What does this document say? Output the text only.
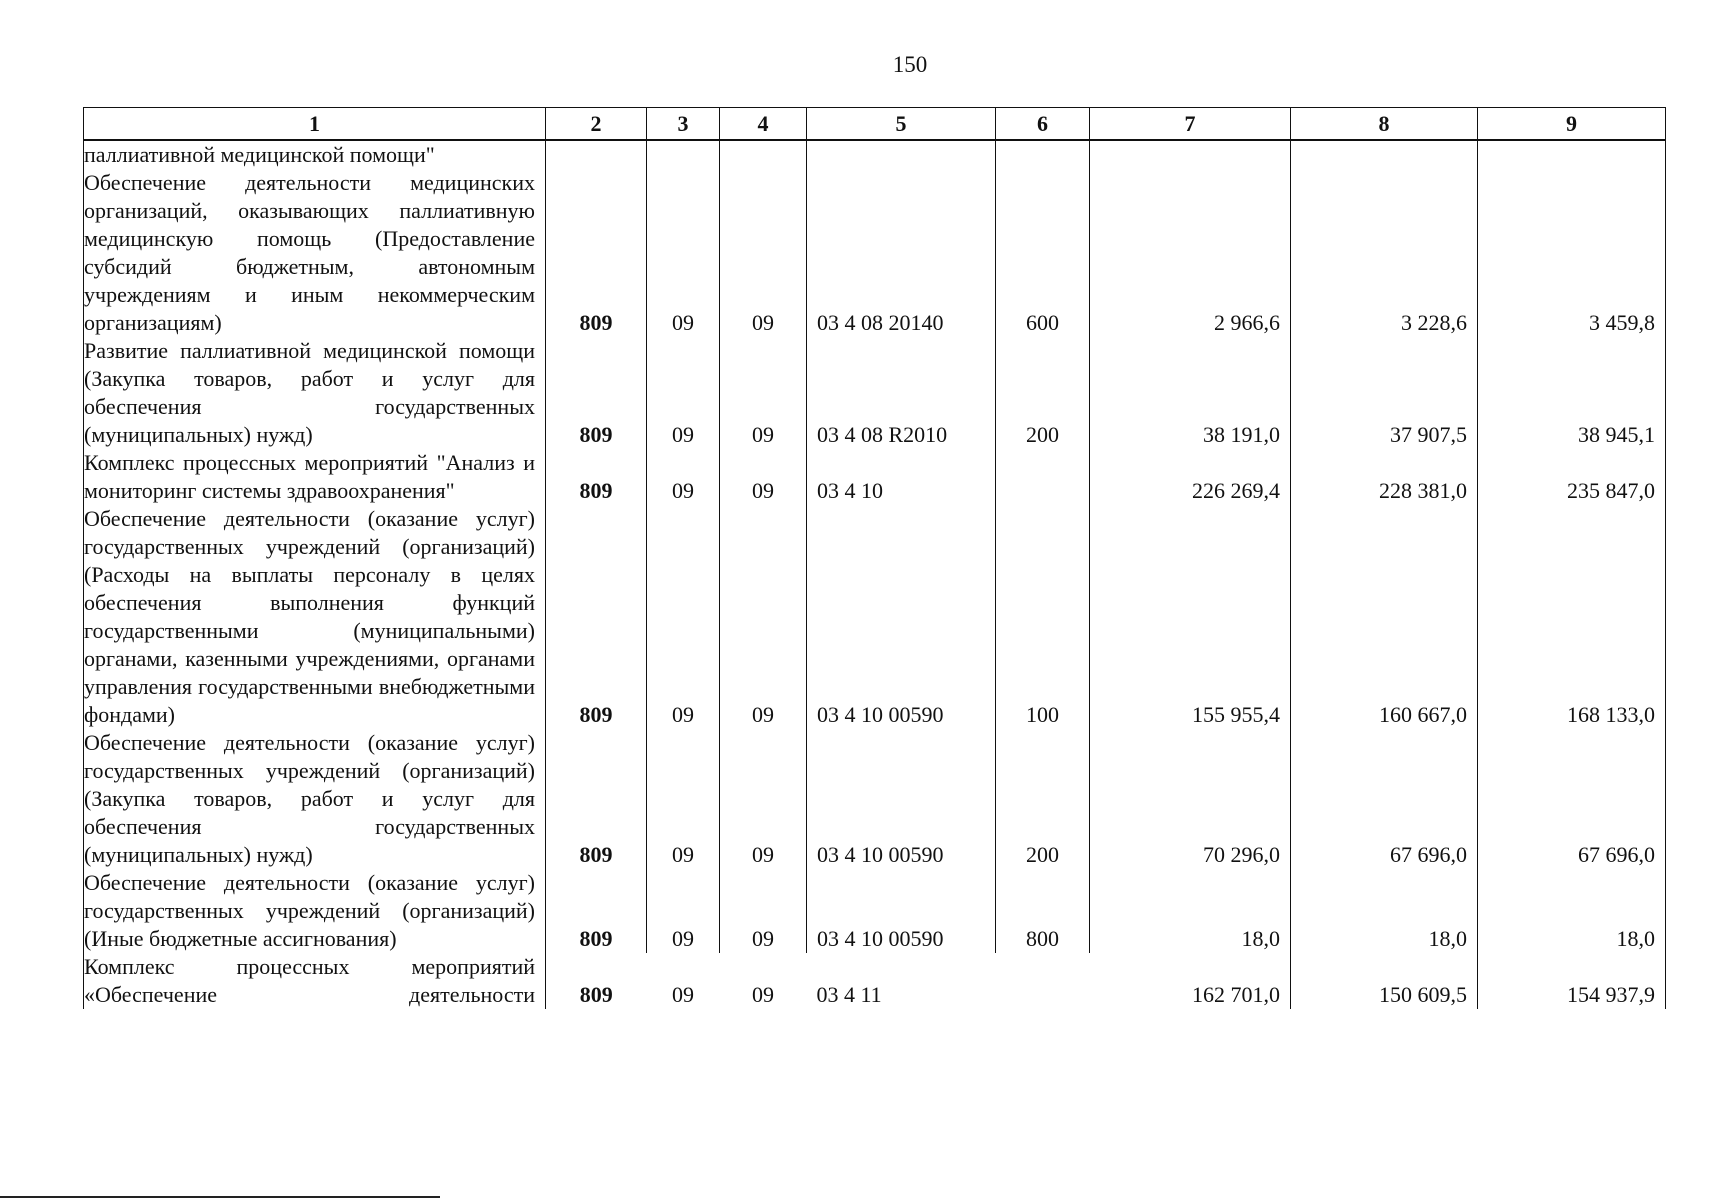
150
1	2	3	4	5	6	7	8	9
паллиативной медицинской помощи"								
Обеспечение деятельности медицинских организаций, оказывающих паллиативную медицинскую помощь (Предоставление субсидий бюджетным, автономным учреждениям и иным некоммерческим организациям)	809	09	09	03 4 08 20140	600	2 966,6	3 228,6	3 459,8
Развитие паллиативной медицинской помощи (Закупка товаров, работ и услуг для обеспечения государственных (муниципальных) нужд)	809	09	09	03 4 08 R2010	200	38 191,0	37 907,5	38 945,1
Комплекс процессных мероприятий "Анализ и мониторинг системы здравоохранения"	809	09	09	03 4 10		226 269,4	228 381,0	235 847,0
Обеспечение деятельности (оказание услуг) государственных учреждений (организаций) (Расходы на выплаты персоналу в целях обеспечения выполнения функций государственными (муниципальными) органами, казенными учреждениями, органами управления государственными внебюджетными фондами)	809	09	09	03 4 10 00590	100	155 955,4	160 667,0	168 133,0
Обеспечение деятельности (оказание услуг) государственных учреждений (организаций) (Закупка товаров, работ и услуг для обеспечения государственных (муниципальных) нужд)	809	09	09	03 4 10 00590	200	70 296,0	67 696,0	67 696,0
Обеспечение деятельности (оказание услуг) государственных учреждений (организаций) (Иные бюджетные ассигнования)	809	09	09	03 4 10 00590	800	18,0	18,0	18,0
Комплекс процессных мероприятий «Обеспечение деятельности	809	09	09	03 4 11		162 701,0	150 609,5	154 937,9
